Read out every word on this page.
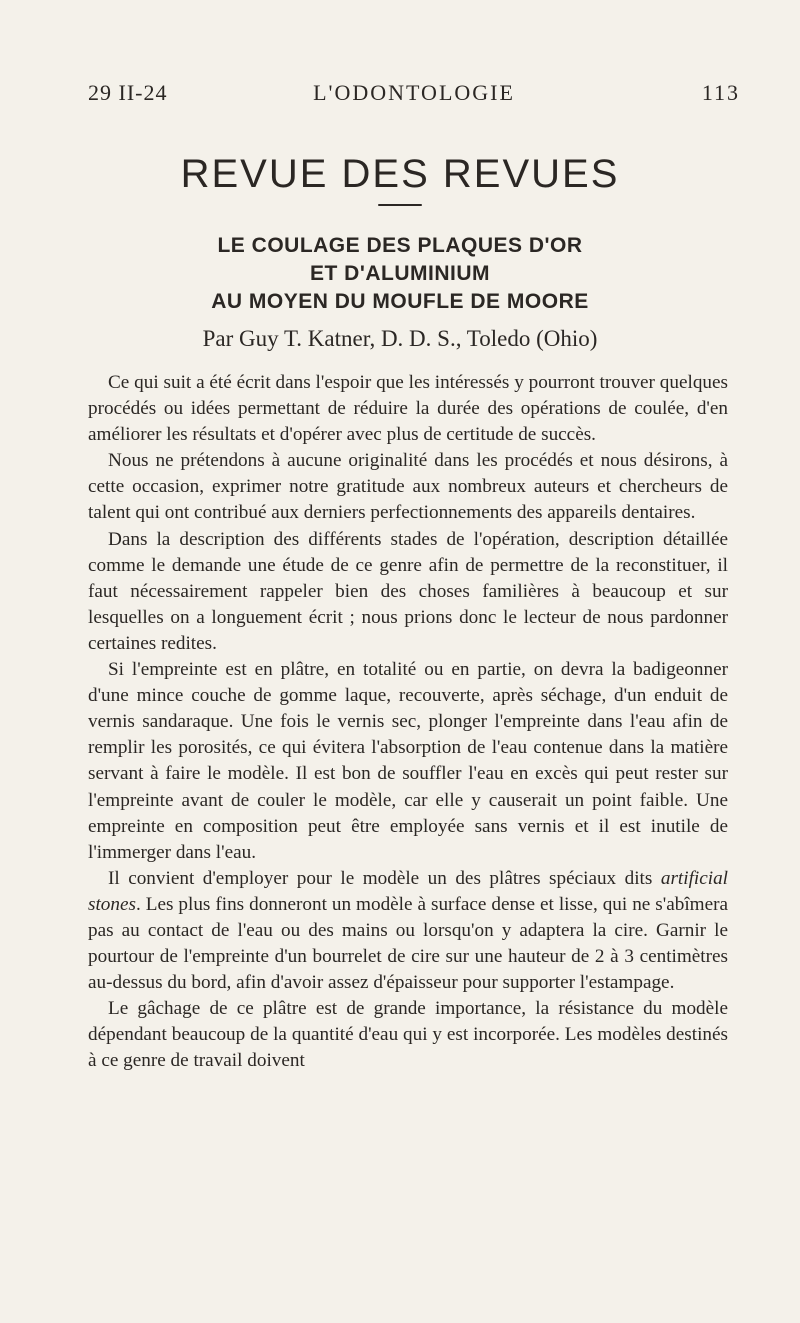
29 II-24	L'ODONTOLOGIE	113
REVUE DES REVUES
LE COULAGE DES PLAQUES D'OR
ET D'ALUMINIUM
AU MOYEN DU MOUFLE DE MOORE
Par Guy T. Katner, D. D. S., Toledo (Ohio)

Ce qui suit a été écrit dans l'espoir que les intéressés y pourront trouver quelques procédés ou idées permettant de réduire la durée des opérations de coulée, d'en améliorer les résultats et d'opérer avec plus de certitude de succès.

Nous ne prétendons à aucune originalité dans les procédés et nous désirons, à cette occasion, exprimer notre gratitude aux nombreux auteurs et chercheurs de talent qui ont contribué aux derniers perfectionnements des appareils dentaires.

Dans la description des différents stades de l'opération, description détaillée comme le demande une étude de ce genre afin de permettre de la reconstituer, il faut nécessairement rappeler bien des choses familières à beaucoup et sur lesquelles on a longuement écrit ; nous prions donc le lecteur de nous pardonner certaines redites.

Si l'empreinte est en plâtre, en totalité ou en partie, on devra la badigeonner d'une mince couche de gomme laque, recouverte, après séchage, d'un enduit de vernis sandaraque. Une fois le vernis sec, plonger l'empreinte dans l'eau afin de remplir les porosités, ce qui évitera l'absorption de l'eau contenue dans la matière servant à faire le modèle. Il est bon de souffler l'eau en excès qui peut rester sur l'empreinte avant de couler le modèle, car elle y causerait un point faible. Une empreinte en composition peut être employée sans vernis et il est inutile de l'immerger dans l'eau.

Il convient d'employer pour le modèle un des plâtres spéciaux dits artificial stones. Les plus fins donneront un modèle à surface dense et lisse, qui ne s'abîmera pas au contact de l'eau ou des mains ou lorsqu'on y adaptera la cire. Garnir le pourtour de l'empreinte d'un bourrelet de cire sur une hauteur de 2 à 3 centimètres au-dessus du bord, afin d'avoir assez d'épaisseur pour supporter l'estampage.

Le gâchage de ce plâtre est de grande importance, la résistance du modèle dépendant beaucoup de la quantité d'eau qui y est incorporée. Les modèles destinés à ce genre de travail doivent
